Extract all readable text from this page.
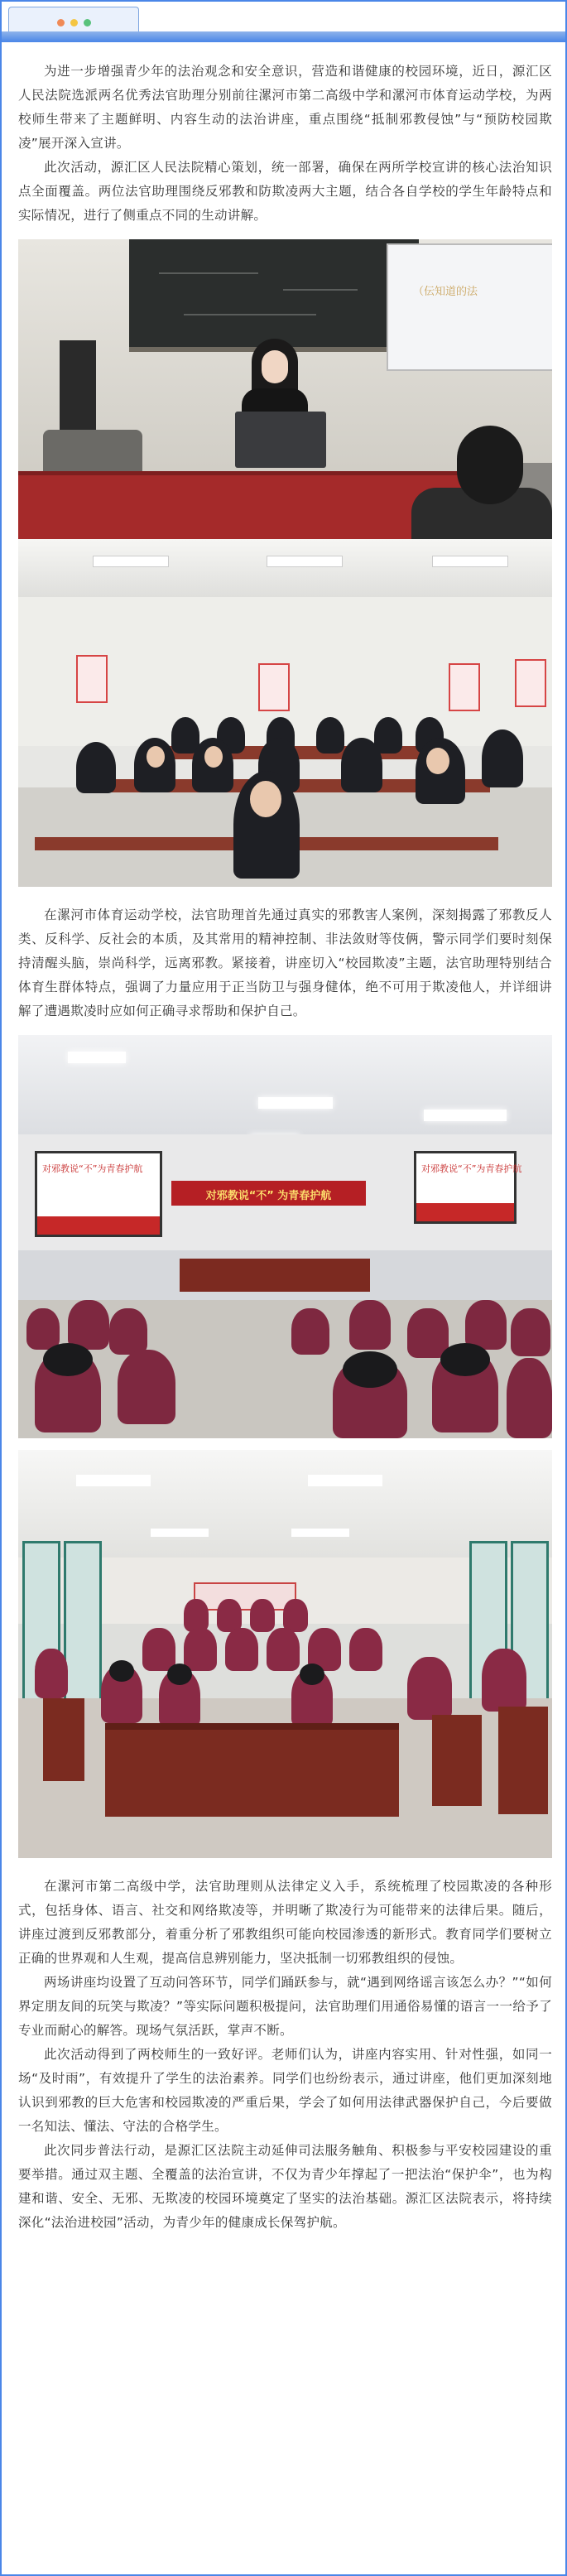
为进一步增强青少年的法治观念和安全意识，营造和谐健康的校园环境，近日，源汇区人民法院选派两名优秀法官助理分别前往漯河市第二高级中学和漯河市体育运动学校，为两校师生带来了主题鲜明、内容生动的法治讲座，重点围绕“抵制邪教侵蚀”与“预防校园欺凌”展开深入宣讲。

此次活动，源汇区人民法院精心策划，统一部署，确保在两所学校宣讲的核心法治知识点全面覆盖。两位法官助理围绕反邪教和防欺凌两大主题，结合各自学校的学生年龄特点和实际情况，进行了侧重点不同的生动讲解。

（伝知道的法

在漯河市体育运动学校，法官助理首先通过真实的邪教害人案例，深刻揭露了邪教反人类、反科学、反社会的本质，及其常用的精神控制、非法敛财等伎俩，警示同学们要时刻保持清醒头脑，崇尚科学，远离邪教。紧接着，讲座切入“校园欺凌”主题，法官助理特别结合体育生群体特点，强调了力量应用于正当防卫与强身健体，绝不可用于欺凌他人，并详细讲解了遭遇欺凌时应如何正确寻求帮助和保护自己。

对邪教说“不”为青春护航
对邪教说“不” 为青春护航
对邪教说“不”为青春护航

在漯河市第二高级中学，法官助理则从法律定义入手，系统梳理了校园欺凌的各种形式，包括身体、语言、社交和网络欺凌等，并明晰了欺凌行为可能带来的法律后果。随后，讲座过渡到反邪教部分，着重分析了邪教组织可能向校园渗透的新形式。教育同学们要树立正确的世界观和人生观，提高信息辨别能力，坚决抵制一切邪教组织的侵蚀。

两场讲座均设置了互动问答环节，同学们踊跃参与，就“遇到网络谣言该怎么办？”“如何界定朋友间的玩笑与欺凌？”等实际问题积极提问，法官助理们用通俗易懂的语言一一给予了专业而耐心的解答。现场气氛活跃，掌声不断。

此次活动得到了两校师生的一致好评。老师们认为，讲座内容实用、针对性强，如同一场“及时雨”，有效提升了学生的法治素养。同学们也纷纷表示，通过讲座，他们更加深刻地认识到邪教的巨大危害和校园欺凌的严重后果，学会了如何用法律武器保护自己，今后要做一名知法、懂法、守法的合格学生。

此次同步普法行动，是源汇区法院主动延伸司法服务触角、积极参与平安校园建设的重要举措。通过双主题、全覆盖的法治宣讲，不仅为青少年撑起了一把法治“保护伞”，也为构建和谐、安全、无邪、无欺凌的校园环境奠定了坚实的法治基础。源汇区法院表示，将持续深化“法治进校园”活动，为青少年的健康成长保驾护航。
